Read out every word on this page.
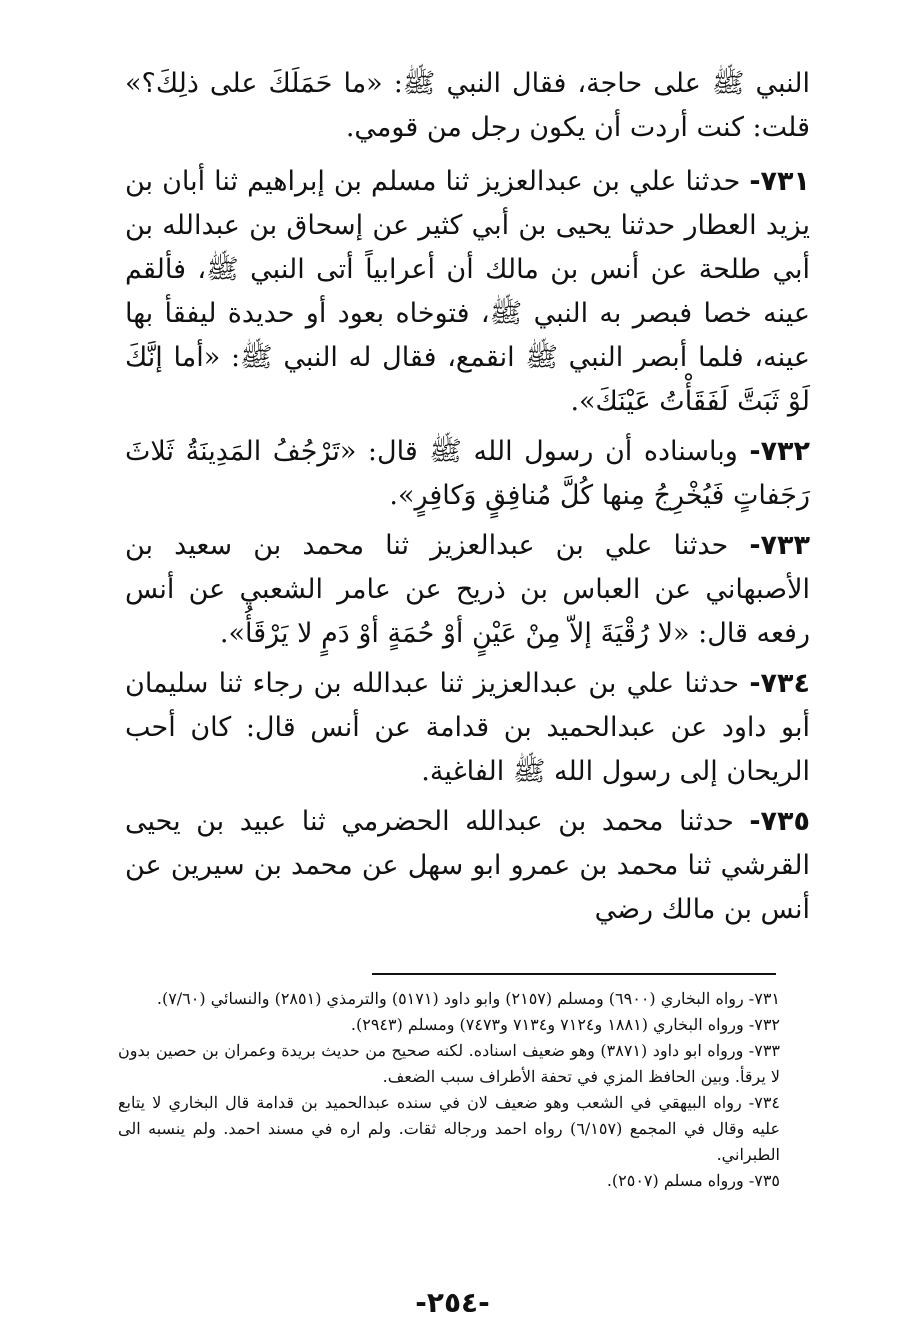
النبي ﷺ على حاجة، فقال النبي ﷺ: «ما حَمَلَكَ على ذلِكَ؟» قلت: كنت أردت أن يكون رجل من قومي.

٧٣١- حدثنا علي بن عبدالعزيز ثنا مسلم بن إبراهيم ثنا أبان بن يزيد العطار حدثنا يحيى بن أبي كثير عن إسحاق بن عبدالله بن أبي طلحة عن أنس بن مالك أن أعرابياً أتى النبي ﷺ، فألقم عينه خصا فبصر به النبي ﷺ، فتوخاه بعود أو حديدة ليفقأ بها عينه، فلما أبصر النبي ﷺ انقمع، فقال له النبي ﷺ: «أما إنَّكَ لَوْ ثَبَتَّ لَفَقَأْتُ عَيْنَكَ».

٧٣٢- وباسناده أن رسول الله ﷺ قال: «تَرْجُفُ المَدِينَةُ ثَلاثَ رَجَفاتٍ فَيُخْرِجُ مِنها كُلَّ مُنافِقٍ وَكافِرٍ».

٧٣٣- حدثنا علي بن عبدالعزيز ثنا محمد بن سعيد بن الأصبهاني عن العباس بن ذريح عن عامر الشعبي عن أنس رفعه قال: «لا رُقْيَةَ إلاّ مِنْ عَيْنٍ أوْ حُمَةٍ أوْ دَمٍ لا يَرْقَأُ».

٧٣٤- حدثنا علي بن عبدالعزيز ثنا عبدالله بن رجاء ثنا سليمان أبو داود عن عبدالحميد بن قدامة عن أنس قال: كان أحب الريحان إلى رسول الله ﷺ الفاغية.

٧٣٥- حدثنا محمد بن عبدالله الحضرمي ثنا عبيد بن يحيى القرشي ثنا محمد بن عمرو ابو سهل عن محمد بن سيرين عن أنس بن مالك رضي

٧٣١- رواه البخاري (٦٩٠٠) ومسلم (٢١٥٧) وابو داود (٥١٧١) والترمذي (٢٨٥١) والنسائي (٧/٦٠).

٧٣٢- ورواه البخاري (١٨٨١ و٧١٢٤ و٧١٣٤ و٧٤٧٣) ومسلم (٢٩٤٣).

٧٣٣- ورواه ابو داود (٣٨٧١) وهو ضعيف اسناده. لكنه صحيح من حديث بريدة وعمران بن حصين بدون لا يرقأ. وبين الحافظ المزي في تحفة الأطراف سبب الضعف.

٧٣٤- رواه البيهقي في الشعب وهو ضعيف لان في سنده عبدالحميد بن قدامة قال البخاري لا يتابع عليه وقال في المجمع (٦/١٥٧) رواه احمد ورجاله ثقات. ولم اره في مسند احمد. ولم ينسبه الى الطبراني.

٧٣٥- ورواه مسلم (٢٥٠٧).

-٢٥٤-
